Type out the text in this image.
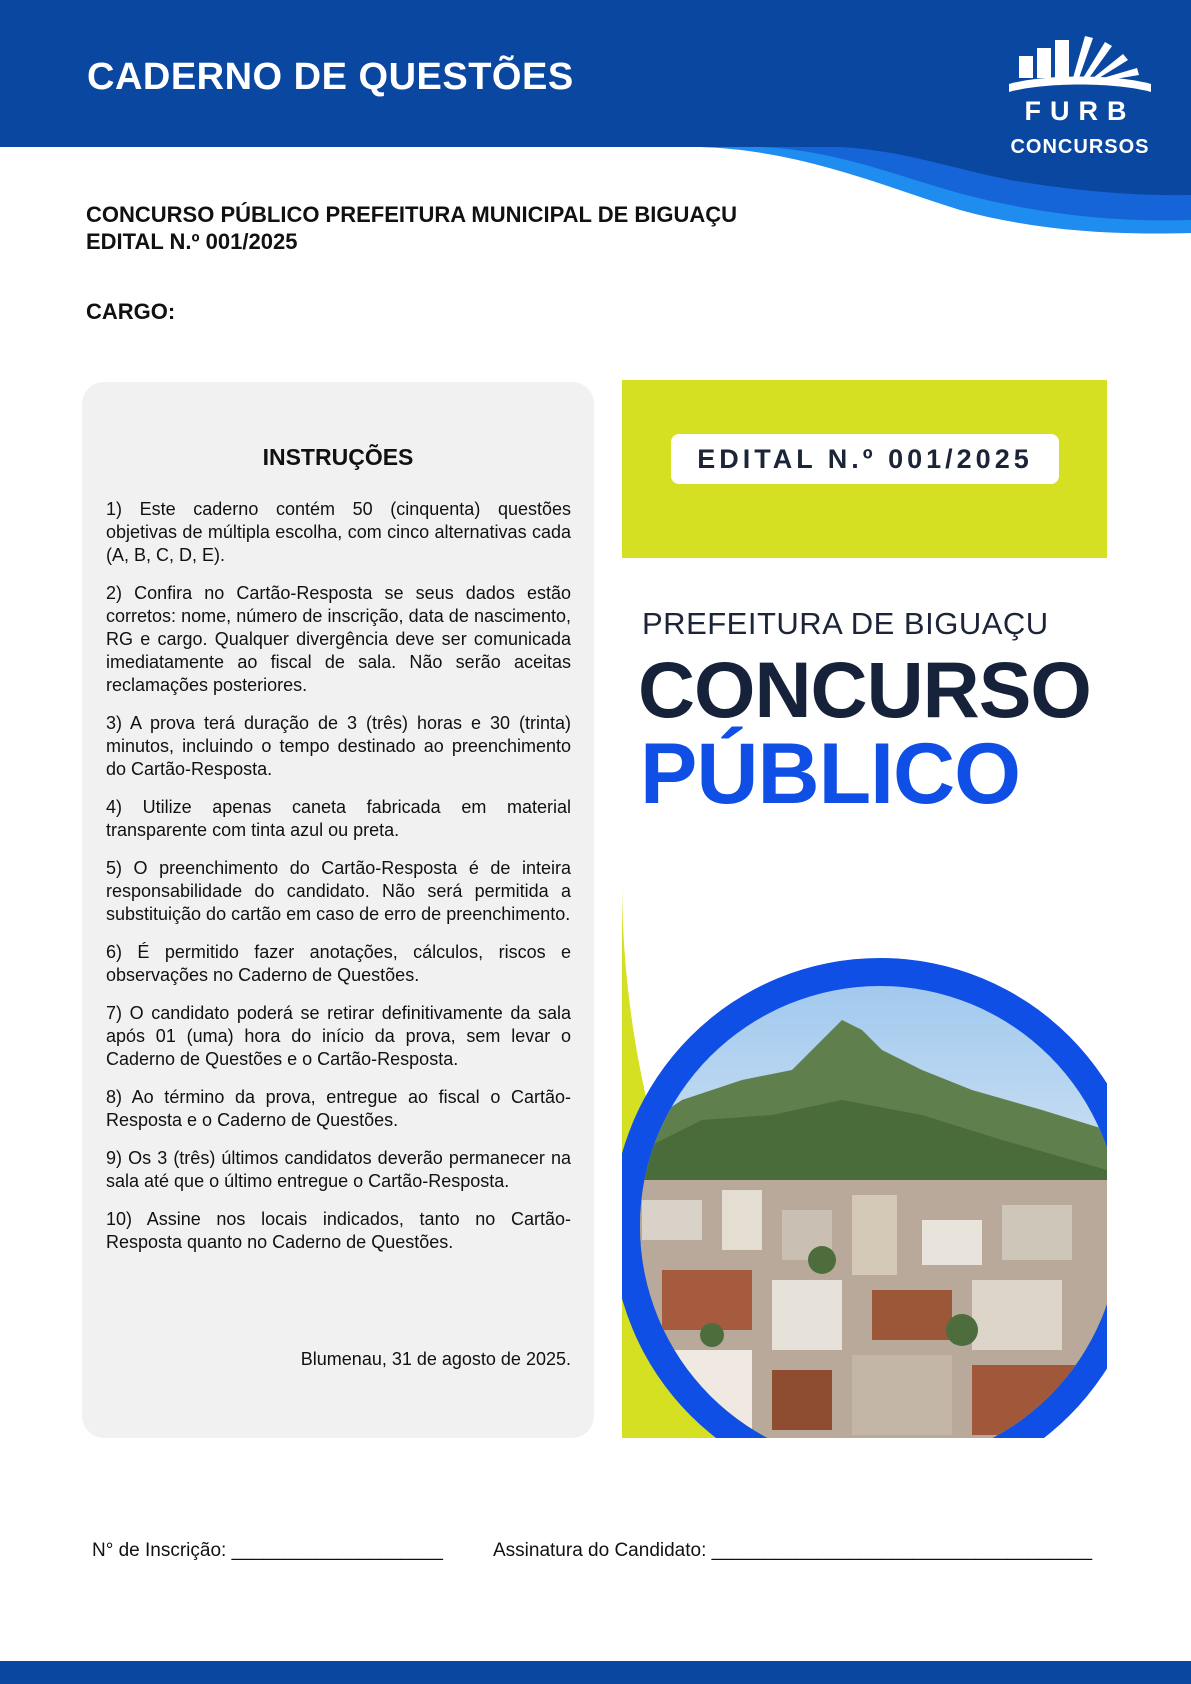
CADERNO DE QUESTÕES
FURB
CONCURSOS
CONCURSO PÚBLICO PREFEITURA MUNICIPAL DE BIGUAÇU
EDITAL N.º 001/2025
CARGO:
INSTRUÇÕES

1) Este caderno contém 50 (cinquenta) questões objetivas de múltipla escolha, com cinco alternativas cada (A, B, C, D, E).

2) Confira no Cartão-Resposta se seus dados estão corretos: nome, número de inscrição, data de nascimento, RG e cargo. Qualquer divergência deve ser comunicada imediatamente ao fiscal de sala. Não serão aceitas reclamações posteriores.

3) A prova terá duração de 3 (três) horas e 30 (trinta) minutos, incluindo o tempo destinado ao preenchimento do Cartão-Resposta.

4) Utilize apenas caneta fabricada em material transparente com tinta azul ou preta.

5) O preenchimento do Cartão-Resposta é de inteira responsabilidade do candidato. Não será permitida a substituição do cartão em caso de erro de preenchimento.

6) É permitido fazer anotações, cálculos, riscos e observações no Caderno de Questões.

7) O candidato poderá se retirar definitivamente da sala após 01 (uma) hora do início da prova, sem levar o Caderno de Questões e o Cartão-Resposta.

8) Ao término da prova, entregue ao fiscal o Cartão-Resposta e o Caderno de Questões.

9) Os 3 (três) últimos candidatos deverão permanecer na sala até que o último entregue o Cartão-Resposta.

10) Assine nos locais indicados, tanto no Cartão-Resposta quanto no Caderno de Questões.

Blumenau, 31 de agosto de 2025.
EDITAL N.º 001/2025
PREFEITURA DE BIGUAÇU
CONCURSO
PÚBLICO
N° de Inscrição: ____________________	Assinatura do Candidato: ____________________________________
